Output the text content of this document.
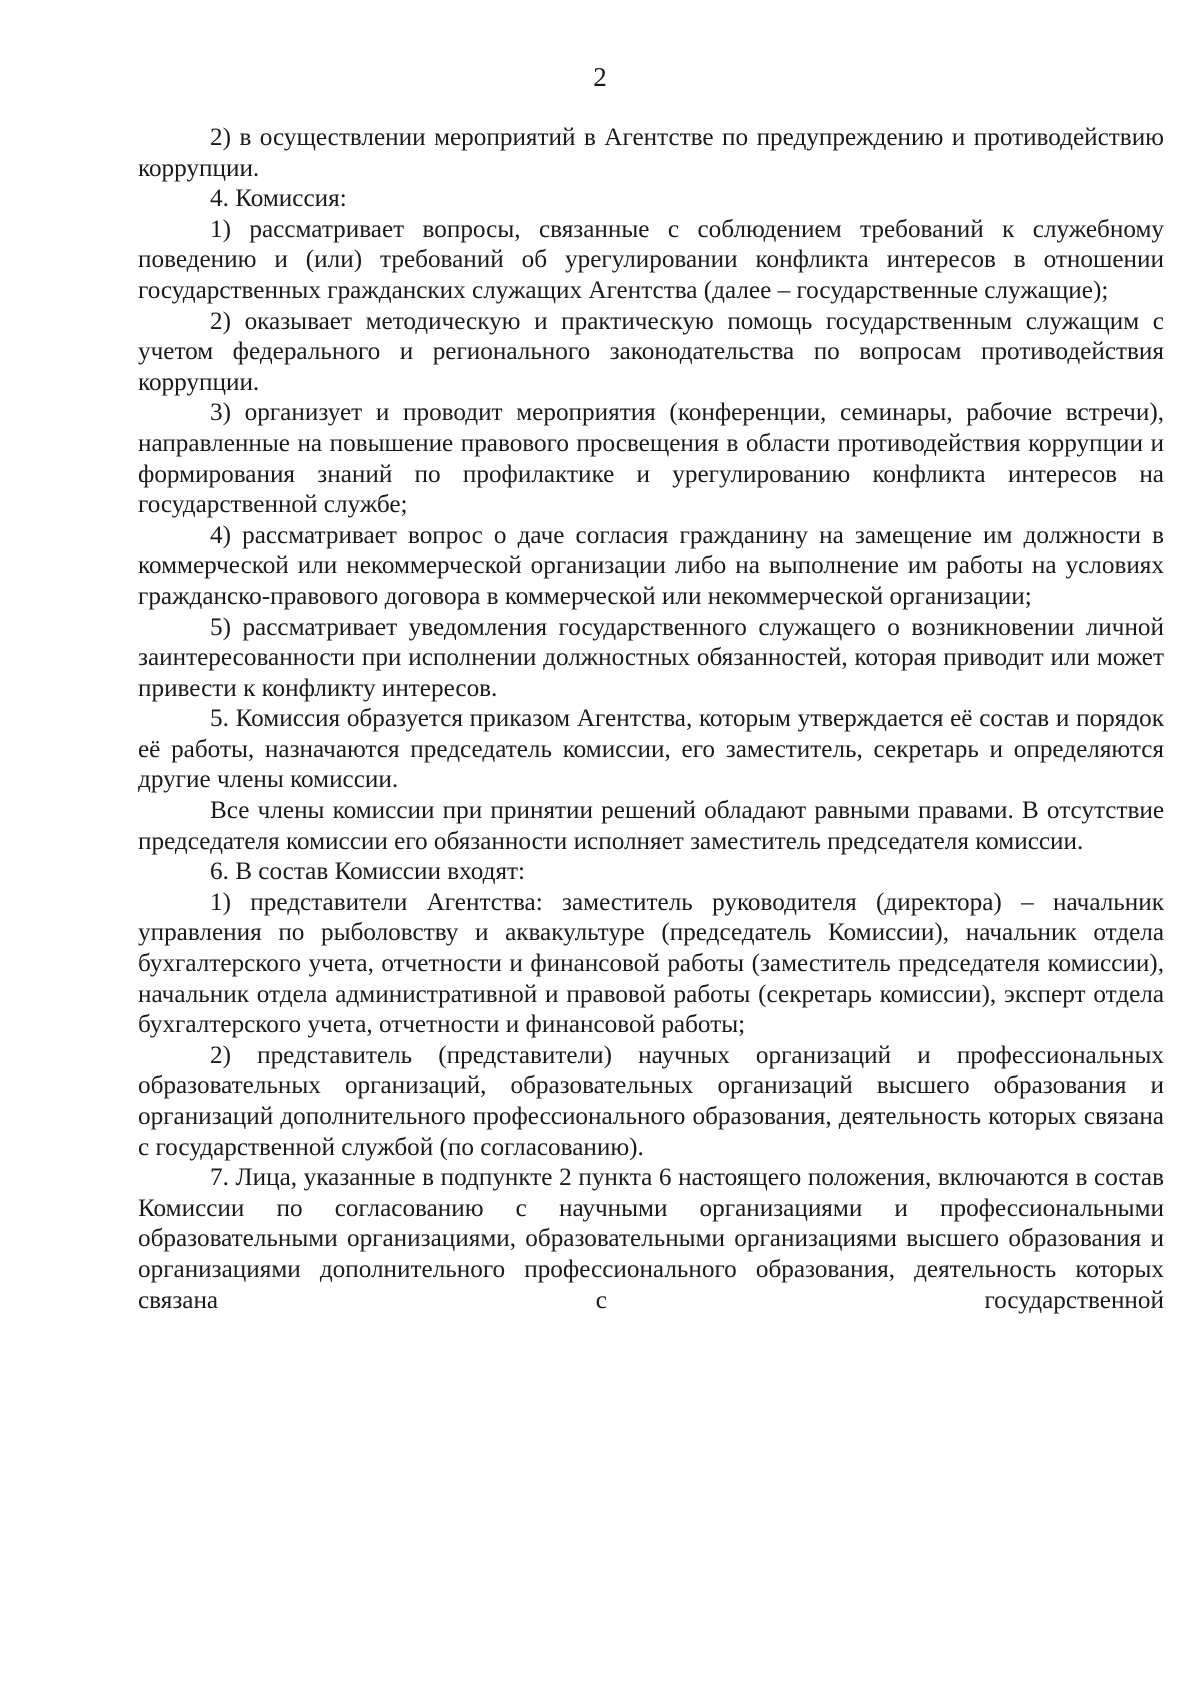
2

2) в осуществлении мероприятий в Агентстве по предупреждению и противодействию коррупции.

4. Комиссия:

1) рассматривает вопросы, связанные с соблюдением требований к служебному поведению и (или) требований об урегулировании конфликта интересов в отношении государственных гражданских служащих Агентства (далее – государственные служащие);

2) оказывает методическую и практическую помощь государственным служащим с учетом федерального и регионального законодательства по вопросам противодействия коррупции.

3) организует и проводит мероприятия (конференции, семинары, рабочие встречи), направленные на повышение правового просвещения в области противодействия коррупции и формирования знаний по профилактике и урегулированию конфликта интересов на государственной службе;

4) рассматривает вопрос о даче согласия гражданину на замещение им должности в коммерческой или некоммерческой организации либо на выполнение им работы на условиях гражданско-правового договора в коммерческой или некоммерческой организации;

5) рассматривает уведомления государственного служащего о возникновении личной заинтересованности при исполнении должностных обязанностей, которая приводит или может привести к конфликту интересов.

5. Комиссия образуется приказом Агентства, которым утверждается её состав и порядок её работы, назначаются председатель комиссии, его заместитель, секретарь и определяются другие члены комиссии.

Все члены комиссии при принятии решений обладают равными правами. В отсутствие председателя комиссии его обязанности исполняет заместитель председателя комиссии.

6. В состав Комиссии входят:

1) представители Агентства: заместитель руководителя (директора) – начальник управления по рыболовству и аквакультуре (председатель Комиссии), начальник отдела бухгалтерского учета, отчетности и финансовой работы (заместитель председателя комиссии), начальник отдела административной и правовой работы (секретарь комиссии), эксперт отдела бухгалтерского учета, отчетности и финансовой работы;

2) представитель (представители) научных организаций и профессиональных образовательных организаций, образовательных организаций высшего образования и организаций дополнительного профессионального образования, деятельность которых связана с государственной службой (по согласованию).

7. Лица, указанные в подпункте 2 пункта 6 настоящего положения, включаются в состав Комиссии по согласованию с научными организациями и профессиональными образовательными организациями, образовательными организациями высшего образования и организациями дополнительного профессионального образования, деятельность которых связана с государственной
